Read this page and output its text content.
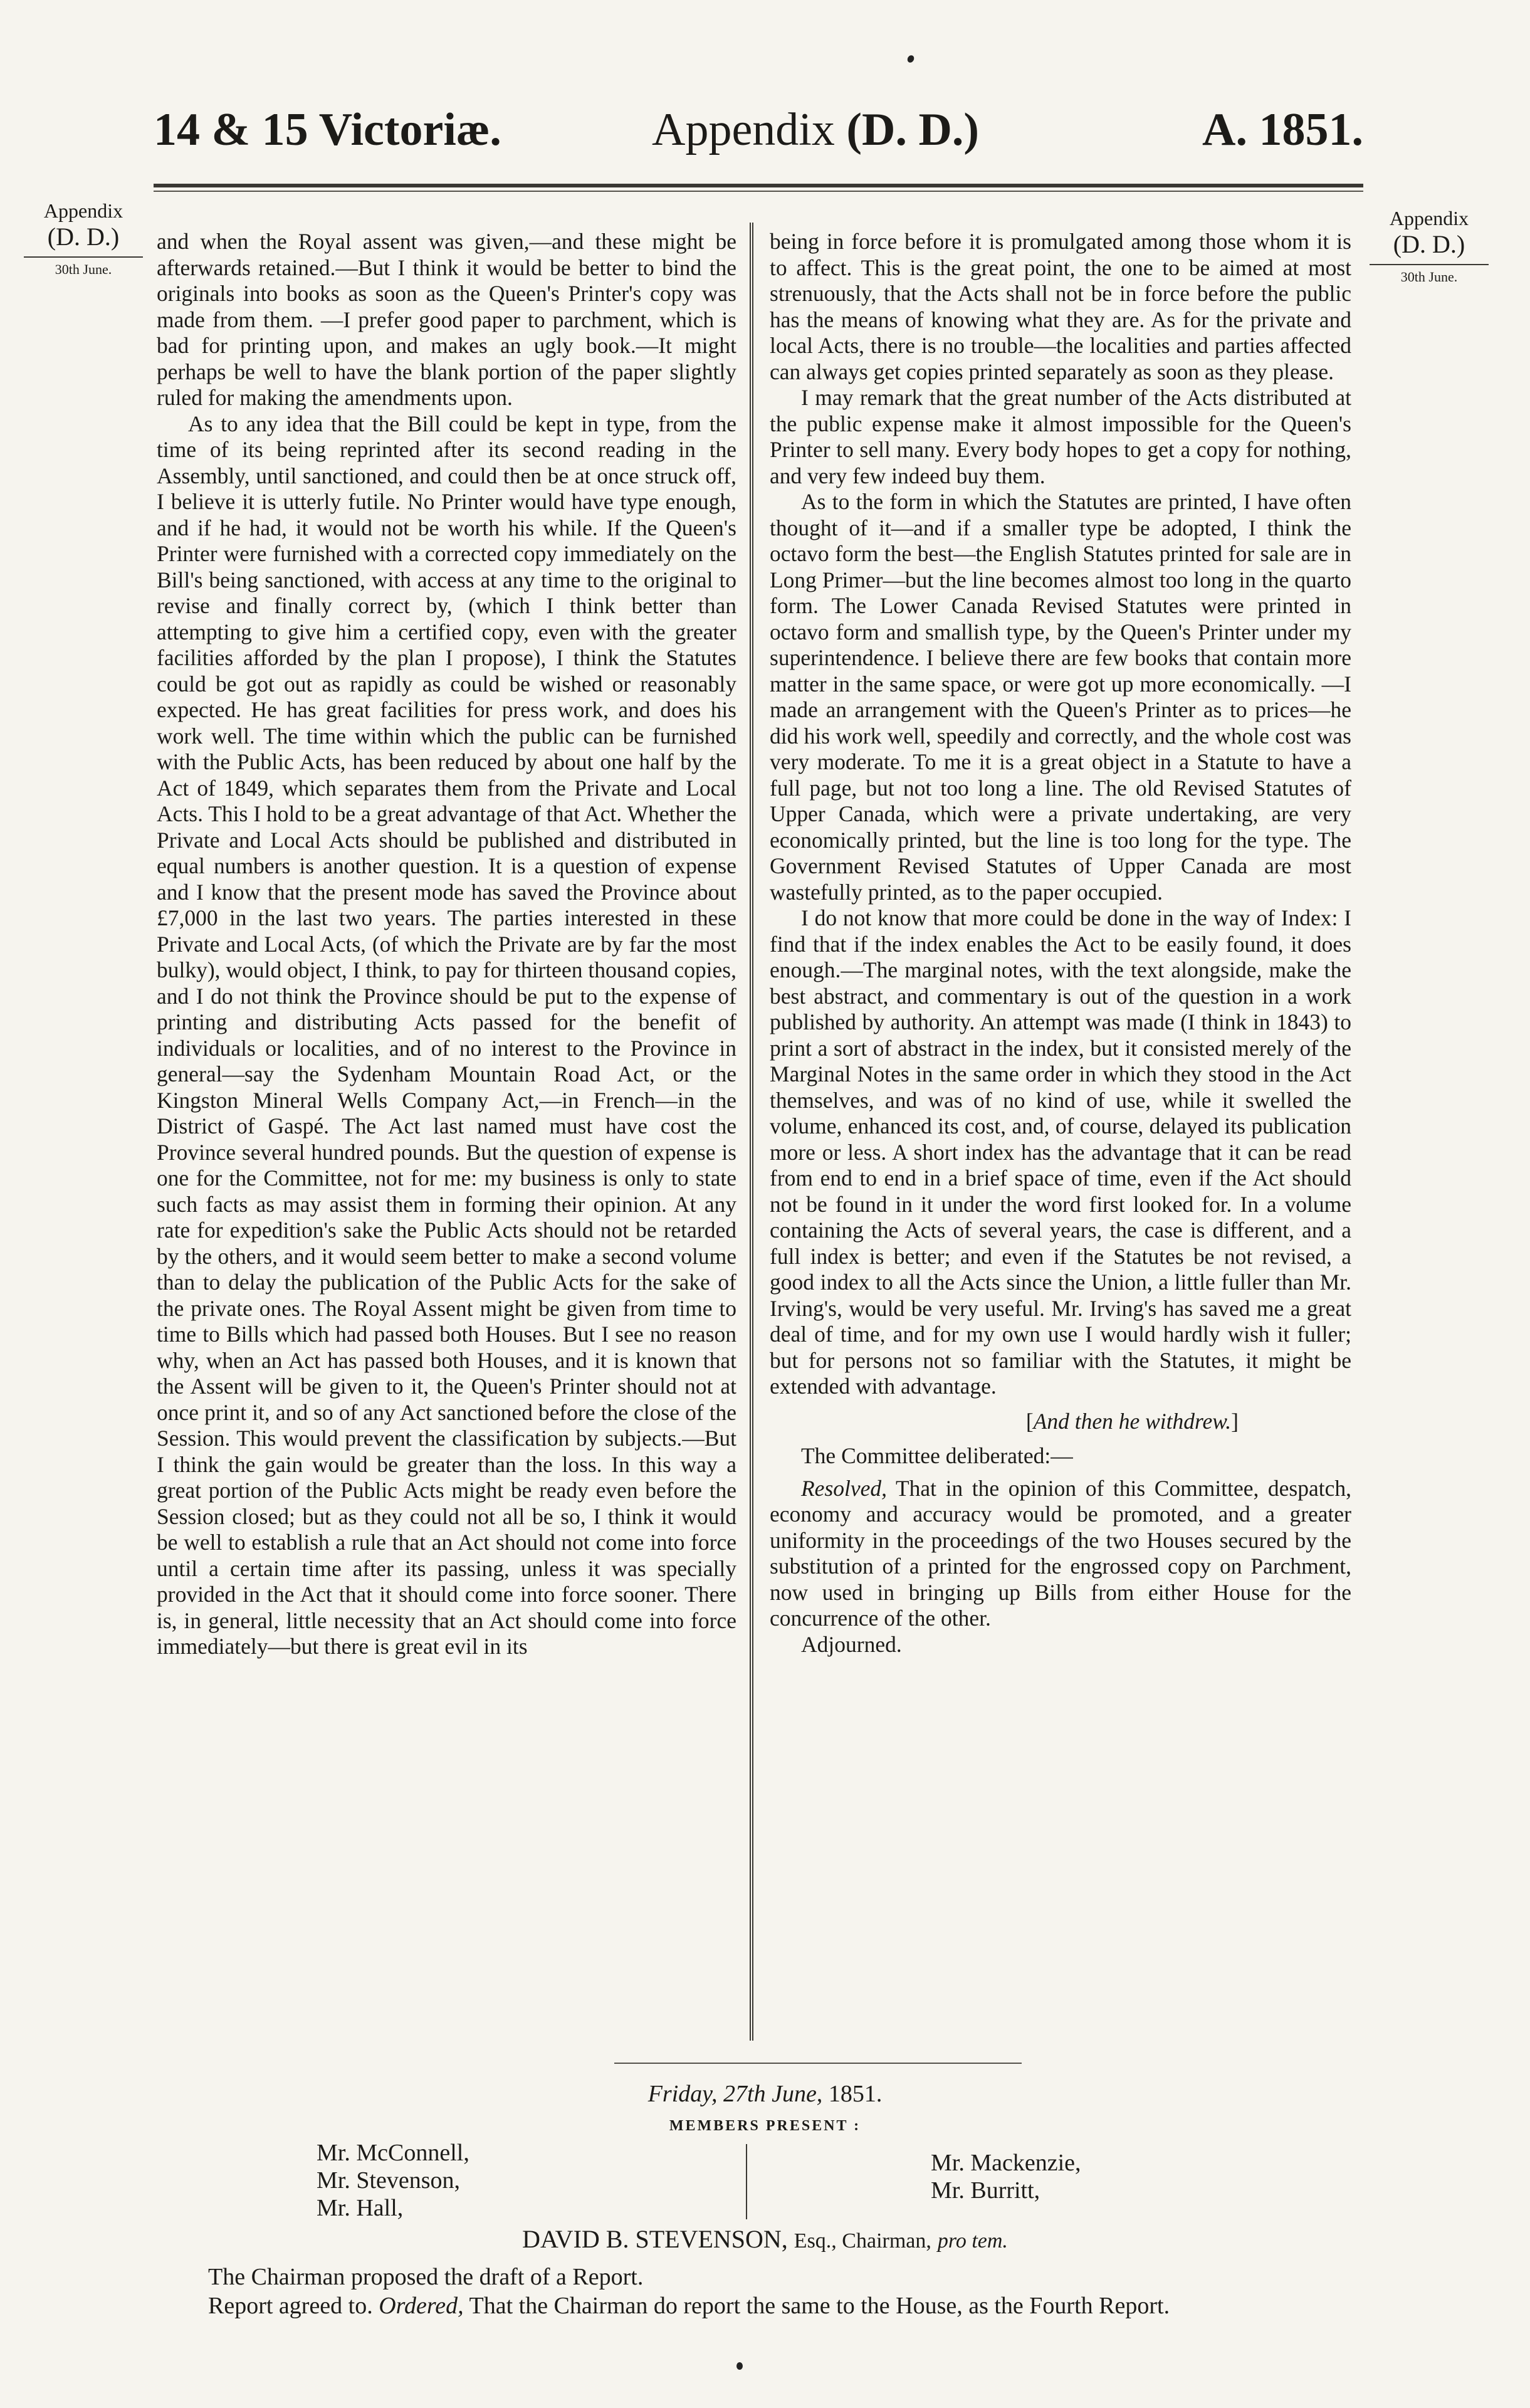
14 & 15 Victoriæ.	Appendix (D. D.)	A. 1851.
Appendix
(D. D.)
30th June.
Appendix
(D. D.)
30th June.

and when the Royal assent was given,—and these might be afterwards retained.—But I think it would be better to bind the originals into books as soon as the Queen's Printer's copy was made from them. —I prefer good paper to parchment, which is bad for printing upon, and makes an ugly book.—It might perhaps be well to have the blank portion of the paper slightly ruled for making the amendments upon.

As to any idea that the Bill could be kept in type, from the time of its being reprinted after its second reading in the Assembly, until sanctioned, and could then be at once struck off, I believe it is utterly futile. No Printer would have type enough, and if he had, it would not be worth his while. If the Queen's Printer were furnished with a corrected copy immediately on the Bill's being sanctioned, with access at any time to the original to revise and finally correct by, (which I think better than attempting to give him a certified copy, even with the greater facilities afforded by the plan I propose), I think the Statutes could be got out as rapidly as could be wished or reasonably expected. He has great facilities for press work, and does his work well. The time within which the public can be furnished with the Public Acts, has been reduced by about one half by the Act of 1849, which separates them from the Private and Local Acts. This I hold to be a great advantage of that Act. Whether the Private and Local Acts should be published and distributed in equal numbers is another question. It is a question of expense and I know that the present mode has saved the Province about £7,000 in the last two years. The parties interested in these Private and Local Acts, (of which the Private are by far the most bulky), would object, I think, to pay for thirteen thousand copies, and I do not think the Province should be put to the expense of printing and distributing Acts passed for the benefit of individuals or localities, and of no interest to the Province in general—say the Sydenham Mountain Road Act, or the Kingston Mineral Wells Company Act,—in French—in the District of Gaspé. The Act last named must have cost the Province several hundred pounds. But the question of expense is one for the Committee, not for me: my business is only to state such facts as may assist them in forming their opinion. At any rate for expedition's sake the Public Acts should not be retarded by the others, and it would seem better to make a second volume than to delay the publication of the Public Acts for the sake of the private ones. The Royal Assent might be given from time to time to Bills which had passed both Houses. But I see no reason why, when an Act has passed both Houses, and it is known that the Assent will be given to it, the Queen's Printer should not at once print it, and so of any Act sanctioned before the close of the Session. This would prevent the classification by subjects.—But I think the gain would be greater than the loss. In this way a great portion of the Public Acts might be ready even before the Session closed; but as they could not all be so, I think it would be well to establish a rule that an Act should not come into force until a certain time after its passing, unless it was specially provided in the Act that it should come into force sooner. There is, in general, little necessity that an Act should come into force immediately—but there is great evil in its

being in force before it is promulgated among those whom it is to affect. This is the great point, the one to be aimed at most strenuously, that the Acts shall not be in force before the public has the means of knowing what they are. As for the private and local Acts, there is no trouble—the localities and parties affected can always get copies printed separately as soon as they please.

I may remark that the great number of the Acts distributed at the public expense make it almost impossible for the Queen's Printer to sell many. Every body hopes to get a copy for nothing, and very few indeed buy them.

As to the form in which the Statutes are printed, I have often thought of it—and if a smaller type be adopted, I think the octavo form the best—the English Statutes printed for sale are in Long Primer—but the line becomes almost too long in the quarto form. The Lower Canada Revised Statutes were printed in octavo form and smallish type, by the Queen's Printer under my superintendence. I believe there are few books that contain more matter in the same space, or were got up more economically. —I made an arrangement with the Queen's Printer as to prices—he did his work well, speedily and correctly, and the whole cost was very moderate. To me it is a great object in a Statute to have a full page, but not too long a line. The old Revised Statutes of Upper Canada, which were a private undertaking, are very economically printed, but the line is too long for the type. The Government Revised Statutes of Upper Canada are most wastefully printed, as to the paper occupied.

I do not know that more could be done in the way of Index: I find that if the index enables the Act to be easily found, it does enough.—The marginal notes, with the text alongside, make the best abstract, and commentary is out of the question in a work published by authority. An attempt was made (I think in 1843) to print a sort of abstract in the index, but it consisted merely of the Marginal Notes in the same order in which they stood in the Act themselves, and was of no kind of use, while it swelled the volume, enhanced its cost, and, of course, delayed its publication more or less. A short index has the advantage that it can be read from end to end in a brief space of time, even if the Act should not be found in it under the word first looked for. In a volume containing the Acts of several years, the case is different, and a full index is better; and even if the Statutes be not revised, a good index to all the Acts since the Union, a little fuller than Mr. Irving's, would be very useful. Mr. Irving's has saved me a great deal of time, and for my own use I would hardly wish it fuller; but for persons not so familiar with the Statutes, it might be extended with advantage.

[And then he withdrew.]

The Committee deliberated:—

Resolved, That in the opinion of this Committee, despatch, economy and accuracy would be promoted, and a greater uniformity in the proceedings of the two Houses secured by the substitution of a printed for the engrossed copy on Parchment, now used in bringing up Bills from either House for the concurrence of the other.

Adjourned.

Friday, 27th June, 1851.
MEMBERS PRESENT :
Mr. McConnell,
Mr. Stevenson,
Mr. Hall,
Mr. Mackenzie,
Mr. Burritt,
DAVID B. STEVENSON, Esq., Chairman, pro tem.
The Chairman proposed the draft of a Report.
Report agreed to. Ordered, That the Chairman do report the same to the House, as the Fourth Report.
